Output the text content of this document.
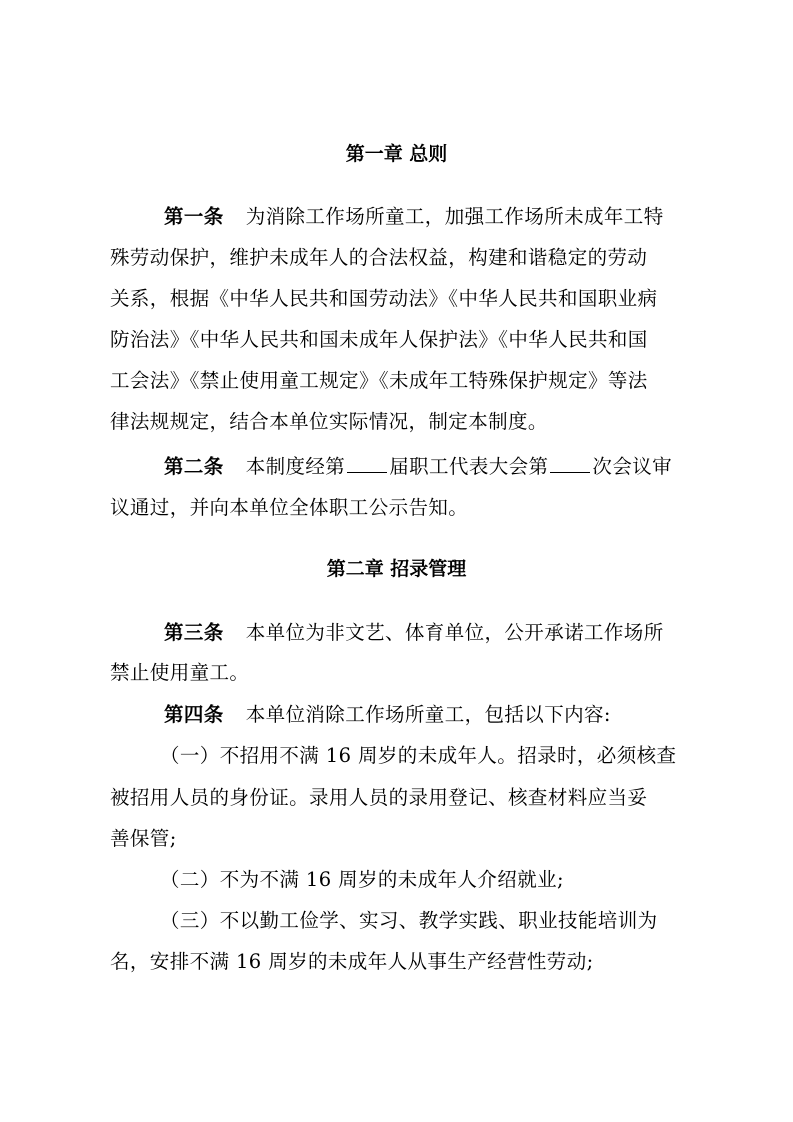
第一章 总则
第一条 为消除工作场所童工，加强工作场所未成年工特
殊劳动保护，维护未成年人的合法权益，构建和谐稳定的劳动
关系，根据《中华人民共和国劳动法》《中华人民共和国职业病
防治法》《中华人民共和国未成年人保护法》《中华人民共和国
工会法》《禁止使用童工规定》《未成年工特殊保护规定》等法
律法规规定，结合本单位实际情况，制定本制度。
第二条 本制度经第 届职工代表大会第 次会议审
议通过，并向本单位全体职工公示告知。
第二章 招录管理
第三条 本单位为非文艺、体育单位，公开承诺工作场所
禁止使用童工。
第四条 本单位消除工作场所童工，包括以下内容:
（一）不招用不满 16 周岁的未成年人。招录时，必须核查
被招用人员的身份证。录用人员的录用登记、核查材料应当妥
善保管;
（二）不为不满 16 周岁的未成年人介绍就业;
（三）不以勤工俭学、实习、教学实践、职业技能培训为
名，安排不满 16 周岁的未成年人从事生产经营性劳动;
